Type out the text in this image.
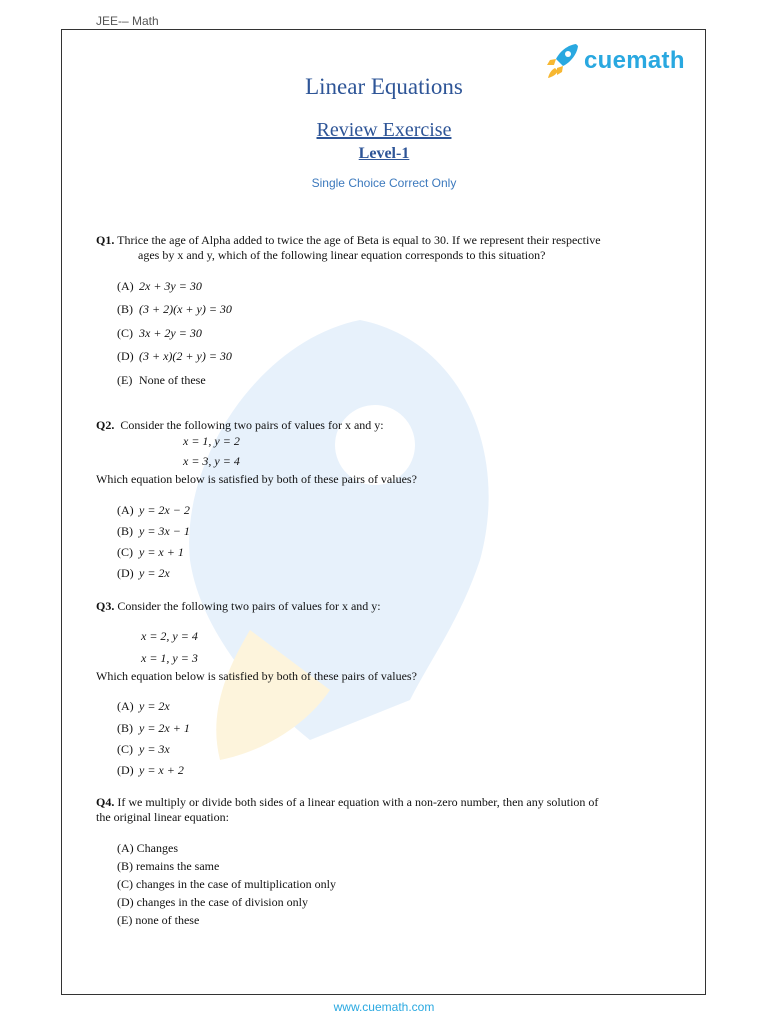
JEE-– Math
cuemath
Linear Equations
Review Exercise
Level-1
Single Choice Correct Only
Q1. Thrice the age of Alpha added to twice the age of Beta is equal to 30. If we represent their respective
ages by x and y, which of the following linear equation corresponds to this situation?
(A) 2x + 3y = 30
(B) (3 + 2)(x + y) = 30
(C) 3x + 2y = 30
(D) (3 + x)(2 + y) = 30
(E) None of these
Q2. Consider the following two pairs of values for x and y:
x = 1, y = 2
x = 3, y = 4
Which equation below is satisfied by both of these pairs of values?
(A) y = 2x − 2
(B) y = 3x − 1
(C) y = x + 1
(D) y = 2x
Q3. Consider the following two pairs of values for x and y:
x = 2, y = 4
x = 1, y = 3
Which equation below is satisfied by both of these pairs of values?
(A) y = 2x
(B) y = 2x + 1
(C) y = 3x
(D) y = x + 2
Q4. If we multiply or divide both sides of a linear equation with a non-zero number, then any solution of
the original linear equation:
(A) Changes
(B) remains the same
(C) changes in the case of multiplication only
(D) changes in the case of division only
(E) none of these
www.cuemath.com
